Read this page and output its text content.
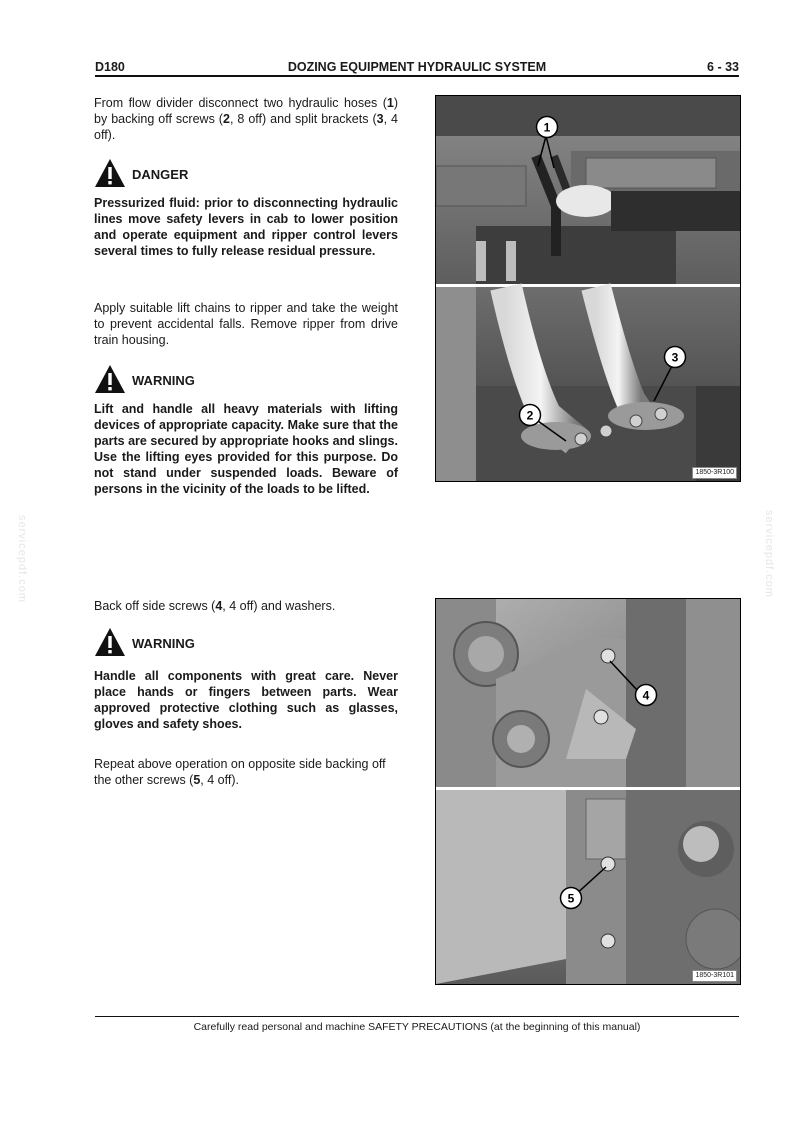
D180	DOZING EQUIPMENT HYDRAULIC SYSTEM	6 - 33
servicepdf.com	servicepdf.com

From flow divider disconnect two hydraulic hoses (1) by backing off screws (2, 8 off) and split brackets (3, 4 off).

DANGER
Pressurized fluid: prior to disconnecting hydraulic lines move safety levers in cab to lower position and operate equipment and ripper control levers several times to fully release residual pressure.
Apply suitable lift chains to ripper and take the weight to prevent accidental falls. Remove ripper from drive train housing.
WARNING
Lift and handle all heavy materials with lifting devices of appropriate capacity. Make sure that the parts are secured by appropriate hooks and slings. Use the lifting eyes provided for this purpose. Do not stand under suspended loads. Beware of persons in the vicinity of the loads to be lifted.

Back off side screws (4, 4 off) and washers.

WARNING
Handle all components with great care. Never place hands or fingers between parts. Wear approved protective clothing such as glasses, gloves and safety shoes.

Repeat above operation on opposite side backing off the other screws (5, 4 off).

1
3
2
1850-3R100
4
5
1850-3R101
Carefully read personal and machine SAFETY PRECAUTIONS (at the beginning of this manual)
